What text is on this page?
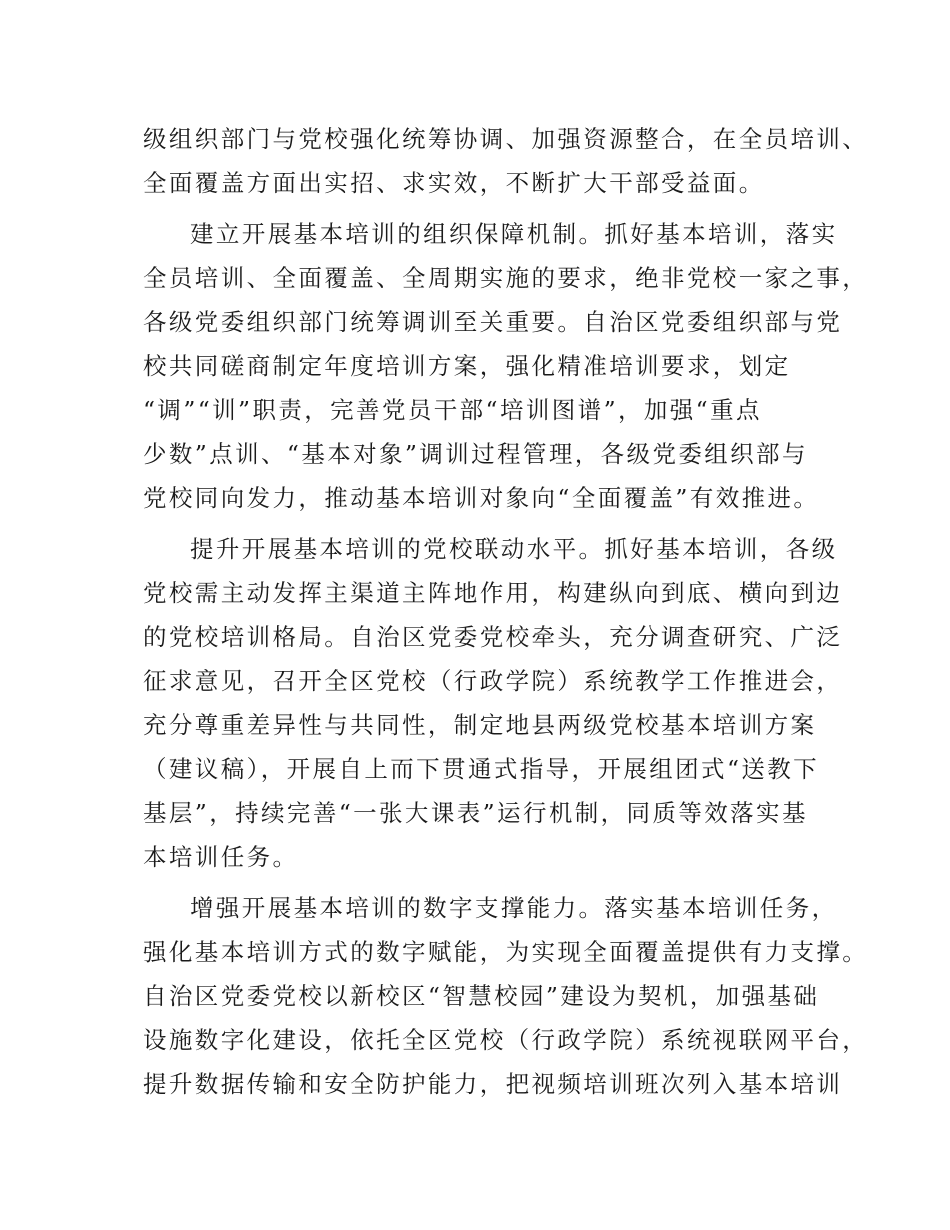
级组织部门与党校强化统筹协调、加强资源整合，在全员培训、
全面覆盖方面出实招、求实效，不断扩大干部受益面。
建立开展基本培训的组织保障机制。抓好基本培训，落实
全员培训、全面覆盖、全周期实施的要求，绝非党校一家之事，
各级党委组织部门统筹调训至关重要。自治区党委组织部与党
校共同磋商制定年度培训方案，强化精准培训要求，划定
“调”“训”职责，完善党员干部“培训图谱”，加强“重点
少数”点训、“基本对象”调训过程管理，各级党委组织部与
党校同向发力，推动基本培训对象向“全面覆盖”有效推进。
提升开展基本培训的党校联动水平。抓好基本培训，各级
党校需主动发挥主渠道主阵地作用，构建纵向到底、横向到边
的党校培训格局。自治区党委党校牵头，充分调查研究、广泛
征求意见，召开全区党校（行政学院）系统教学工作推进会，
充分尊重差异性与共同性，制定地县两级党校基本培训方案
（建议稿），开展自上而下贯通式指导，开展组团式“送教下
基层”，持续完善“一张大课表”运行机制，同质等效落实基
本培训任务。
增强开展基本培训的数字支撑能力。落实基本培训任务，
强化基本培训方式的数字赋能，为实现全面覆盖提供有力支撑。
自治区党委党校以新校区“智慧校园”建设为契机，加强基础
设施数字化建设，依托全区党校（行政学院）系统视联网平台，
提升数据传输和安全防护能力，把视频培训班次列入基本培训
